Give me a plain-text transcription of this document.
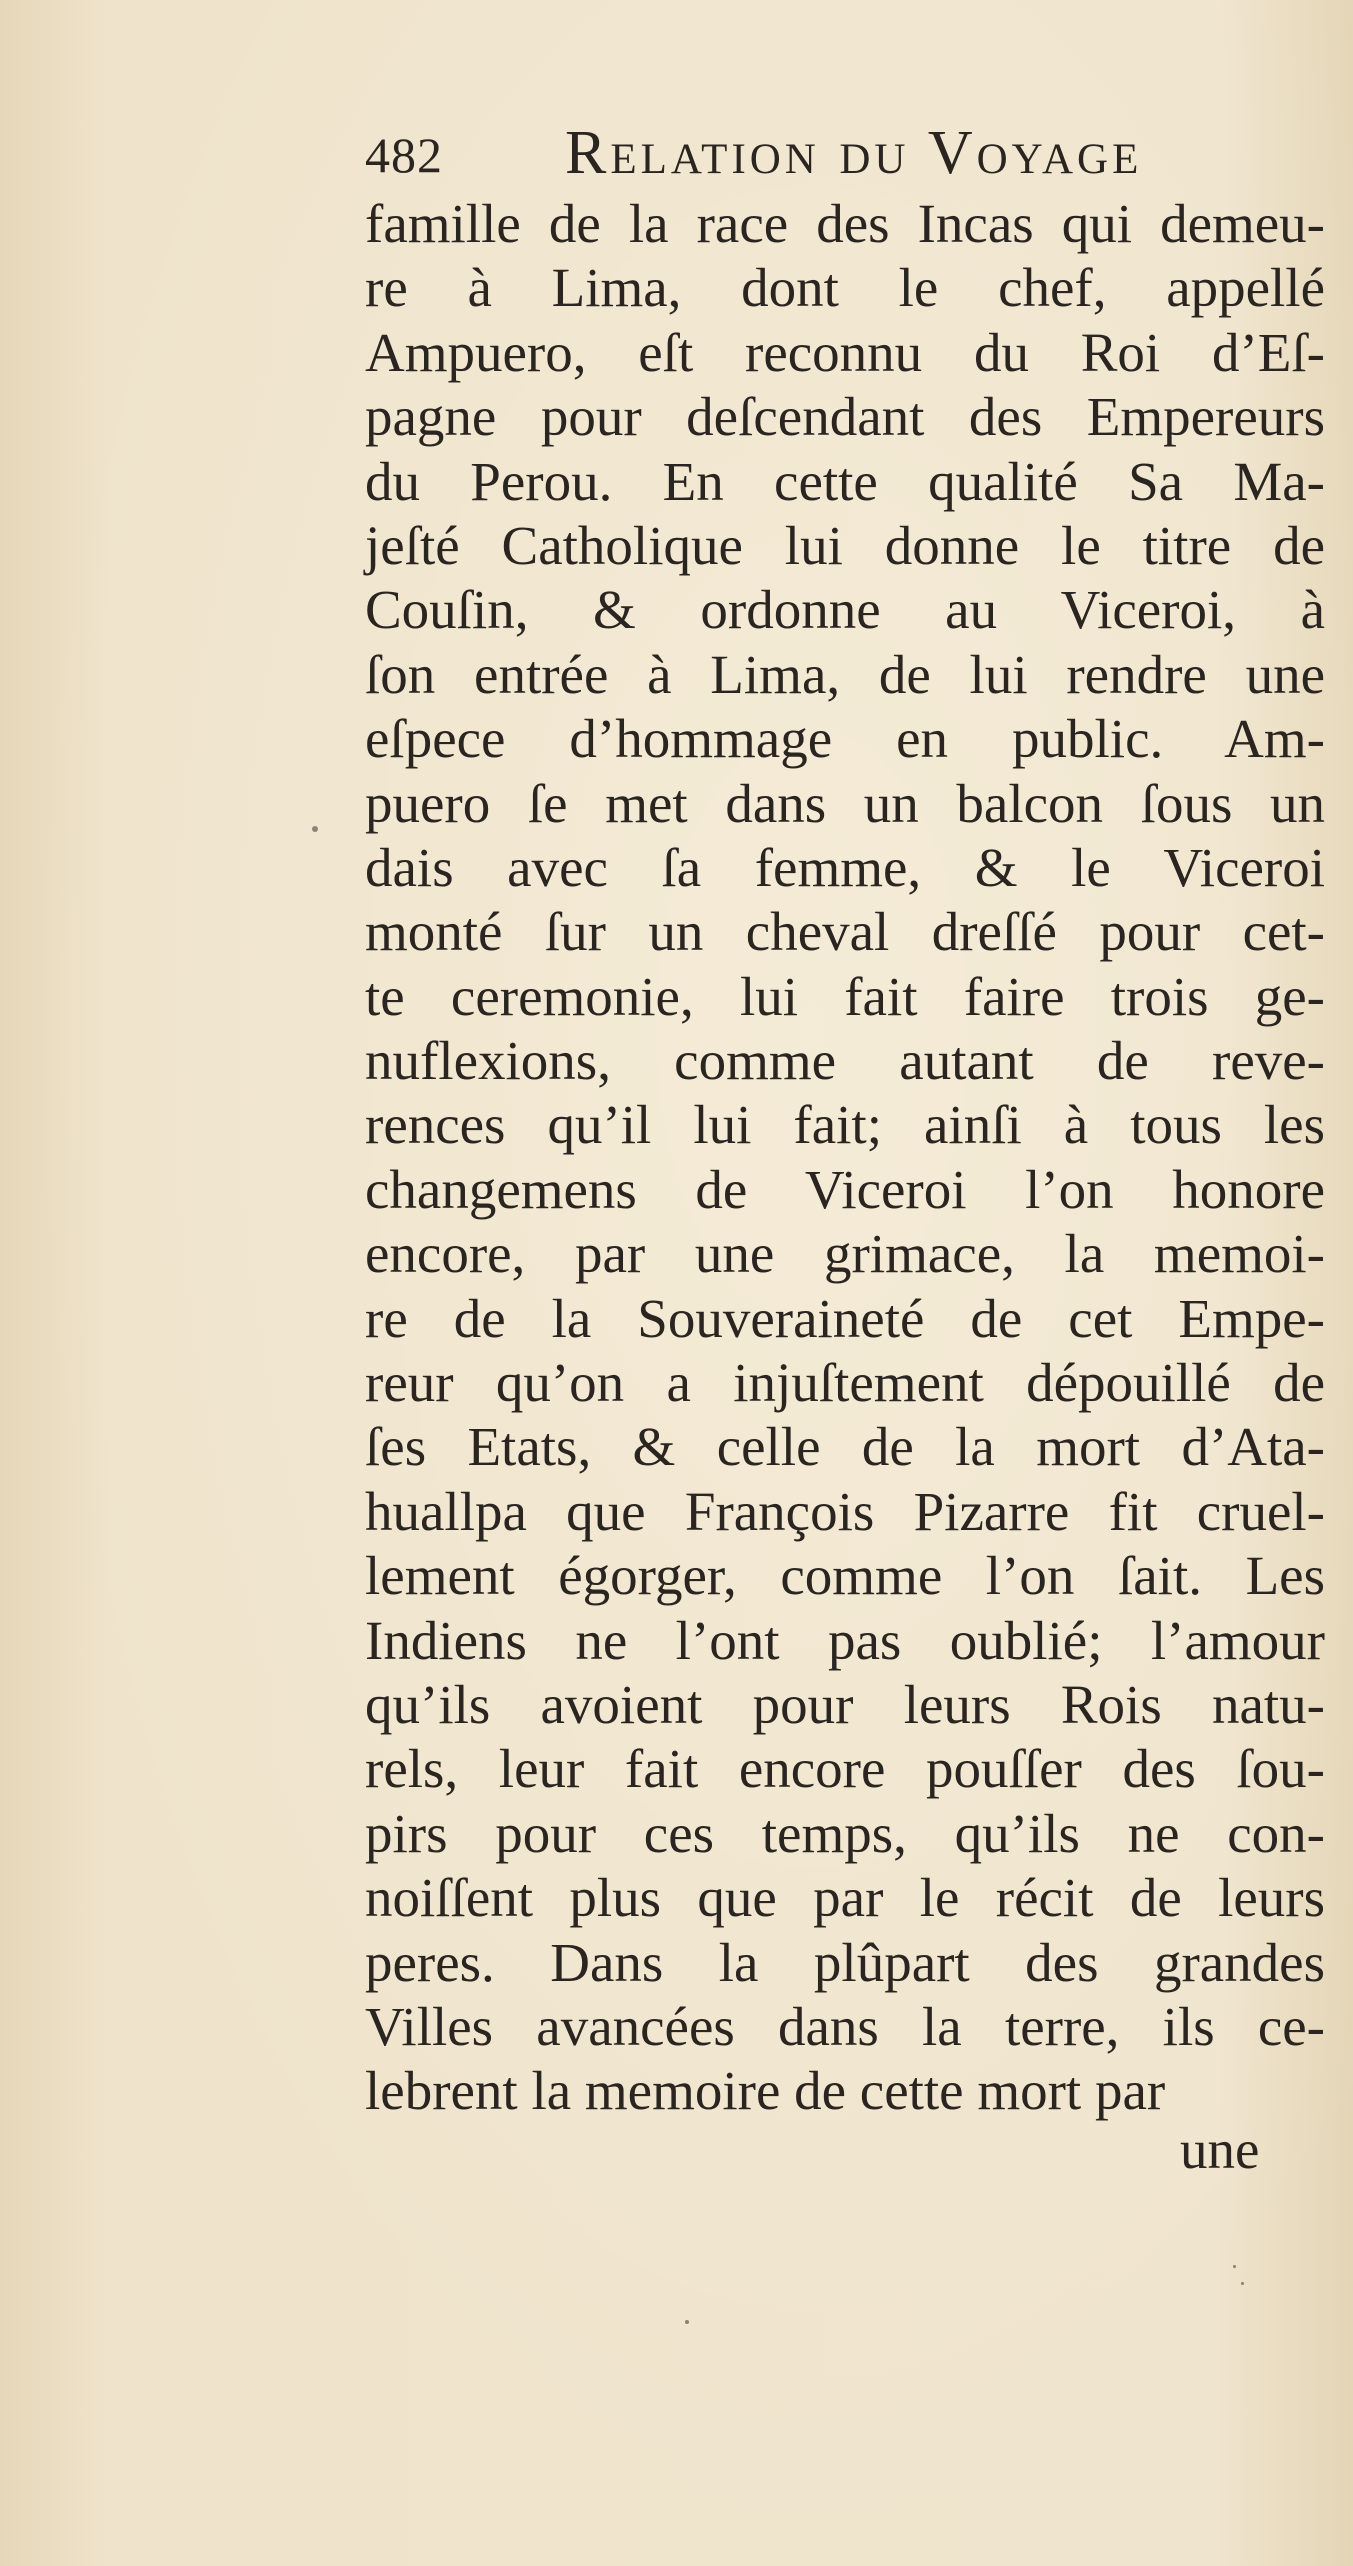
482 Relation du Voyage
famille de la race des Incas qui demeu-
re à Lima, dont le chef, appellé
Ampuero, eſt reconnu du Roi d’Eſ-
pagne pour deſcendant des Empereurs
du Perou. En cette qualité Sa Ma-
jeſté Catholique lui donne le titre de
Couſin, & ordonne au Viceroi, à
ſon entrée à Lima, de lui rendre une
eſpece d’hommage en public. Am-
puero ſe met dans un balcon ſous un
dais avec ſa femme, & le Viceroi
monté ſur un cheval dreſſé pour cet-
te ceremonie, lui fait faire trois ge-
nuflexions, comme autant de reve-
rences qu’il lui fait; ainſi à tous les
changemens de Viceroi l’on honore
encore, par une grimace, la memoi-
re de la Souveraineté de cet Empe-
reur qu’on a injuſtement dépouillé de
ſes Etats, & celle de la mort d’Ata-
huallpa que François Pizarre fit cruel-
lement égorger, comme l’on ſait. Les
Indiens ne l’ont pas oublié; l’amour
qu’ils avoient pour leurs Rois natu-
rels, leur fait encore pouſſer des ſou-
pirs pour ces temps, qu’ils ne con-
noiſſent plus que par le récit de leurs
peres. Dans la plûpart des grandes
Villes avancées dans la terre, ils ce-
lebrent la memoire de cette mort par
une
